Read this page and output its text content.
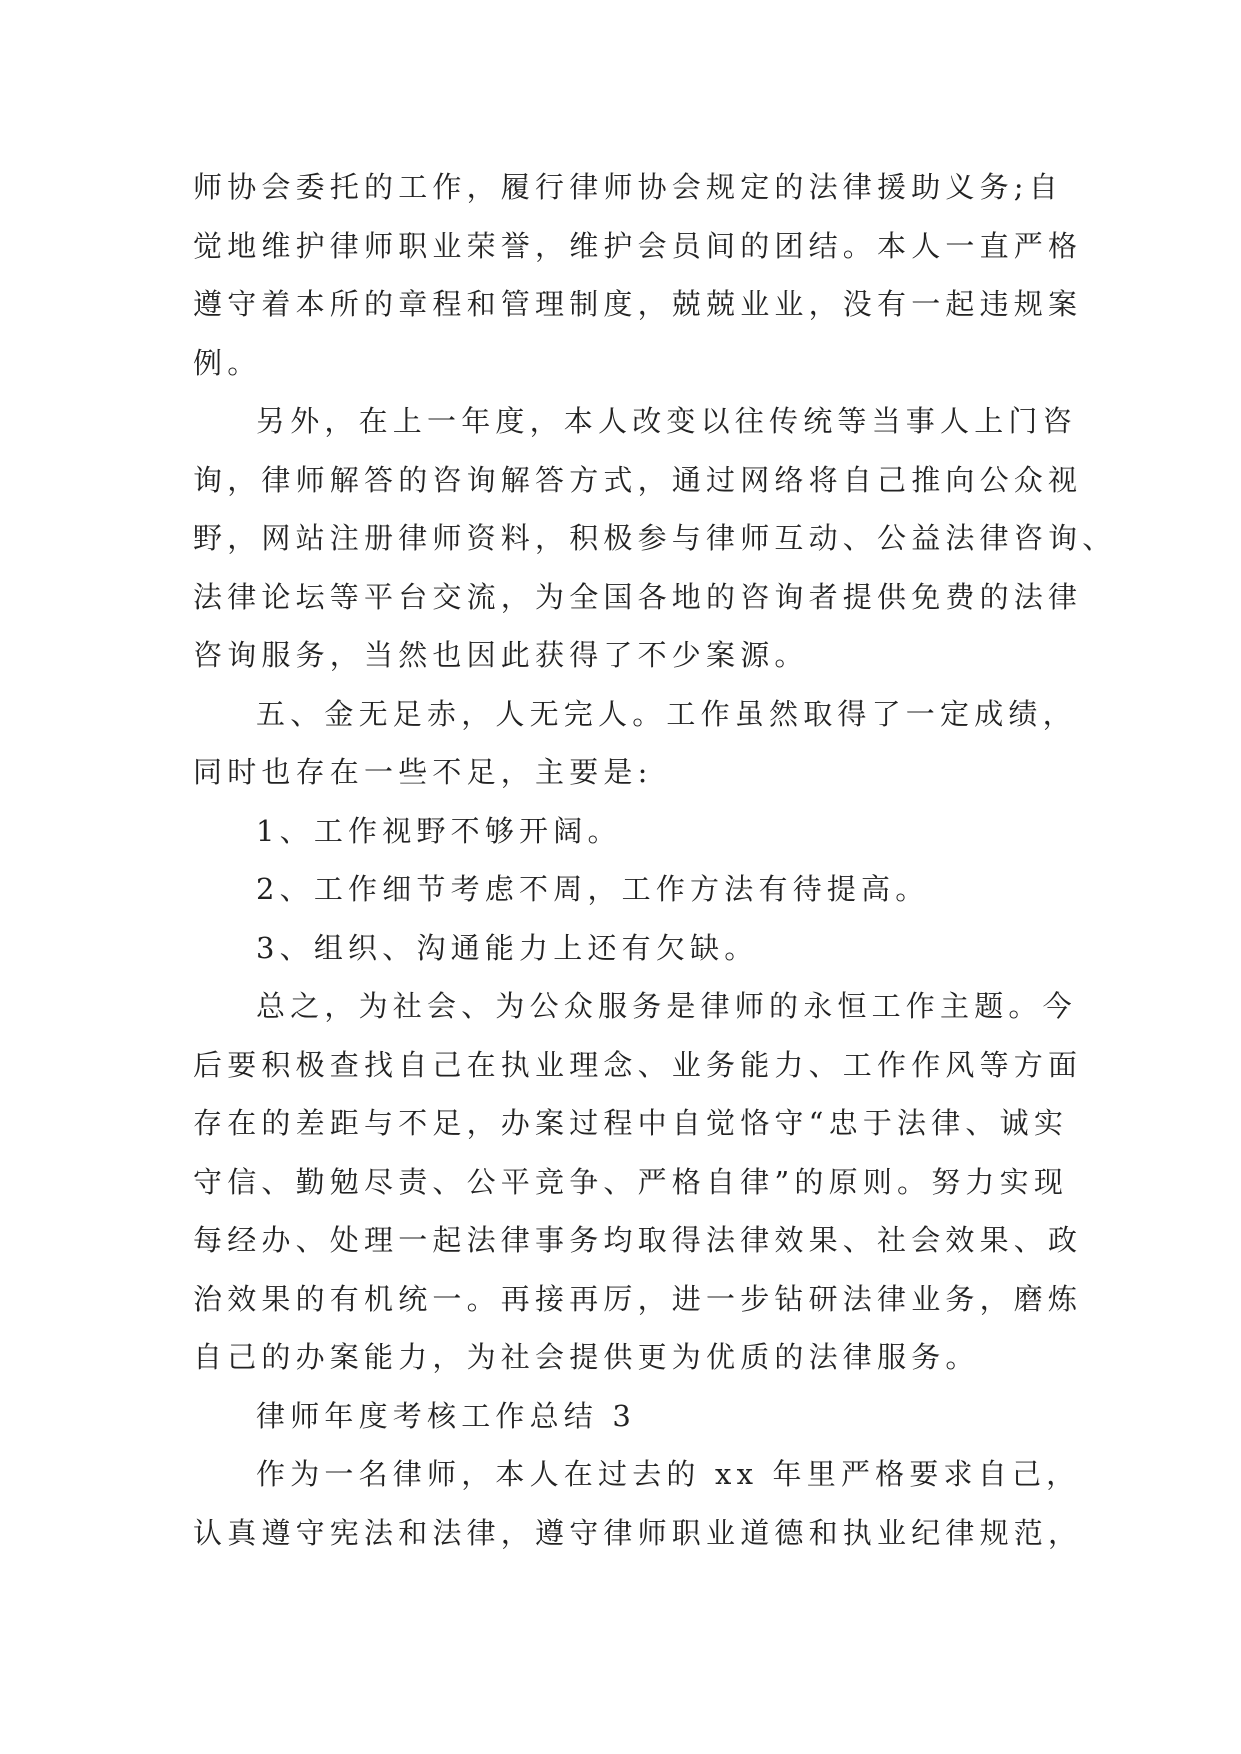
师协会委托的工作，履行律师协会规定的法律援助义务;自
觉地维护律师职业荣誉，维护会员间的团结。本人一直严格
遵守着本所的章程和管理制度，兢兢业业，没有一起违规案
例。
另外，在上一年度，本人改变以往传统等当事人上门咨
询，律师解答的咨询解答方式，通过网络将自己推向公众视
野，网站注册律师资料，积极参与律师互动、公益法律咨询、
法律论坛等平台交流，为全国各地的咨询者提供免费的法律
咨询服务，当然也因此获得了不少案源。
五、金无足赤，人无完人。工作虽然取得了一定成绩，
同时也存在一些不足，主要是:
1、工作视野不够开阔。
2、工作细节考虑不周，工作方法有待提高。
3、组织、沟通能力上还有欠缺。
总之，为社会、为公众服务是律师的永恒工作主题。今
后要积极查找自己在执业理念、业务能力、工作作风等方面
存在的差距与不足，办案过程中自觉恪守“忠于法律、诚实
守信、勤勉尽责、公平竞争、严格自律”的原则。努力实现
每经办、处理一起法律事务均取得法律效果、社会效果、政
治效果的有机统一。再接再厉，进一步钻研法律业务，磨炼
自己的办案能力，为社会提供更为优质的法律服务。
律师年度考核工作总结 3
作为一名律师，本人在过去的 xx 年里严格要求自己，
认真遵守宪法和法律，遵守律师职业道德和执业纪律规范，
